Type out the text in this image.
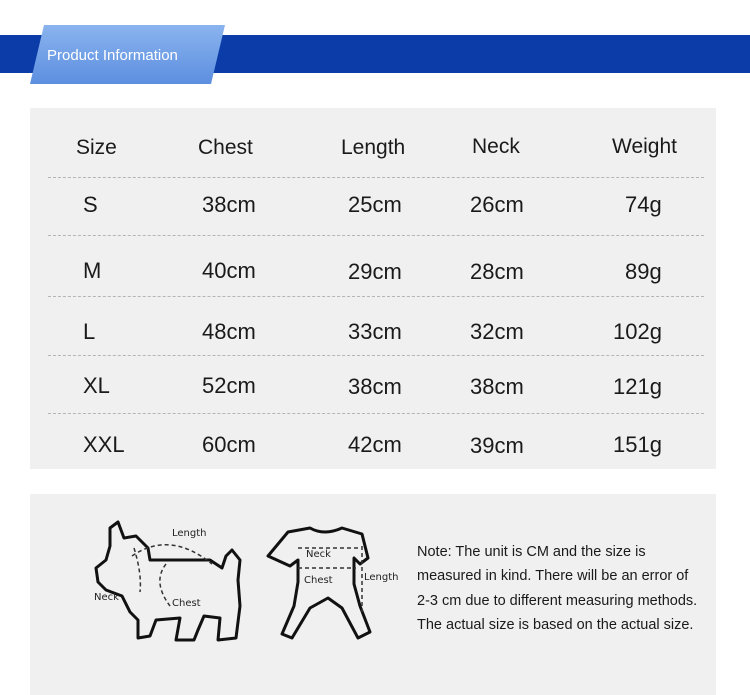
Product Information
Size	Chest	Length	Neck	Weight
S	38cm	25cm	26cm	74g
M	40cm	29cm	28cm	89g
L	48cm	33cm	32cm	102g
XL	52cm	38cm	38cm	121g
XXL	60cm	42cm	39cm	151g
Length
Neck
Chest
Neck
Chest	Length
Note: The unit is CM and the size is
measured in kind. There will be an error of
2-3 cm due to different measuring methods.
The actual size is based on the actual size.
